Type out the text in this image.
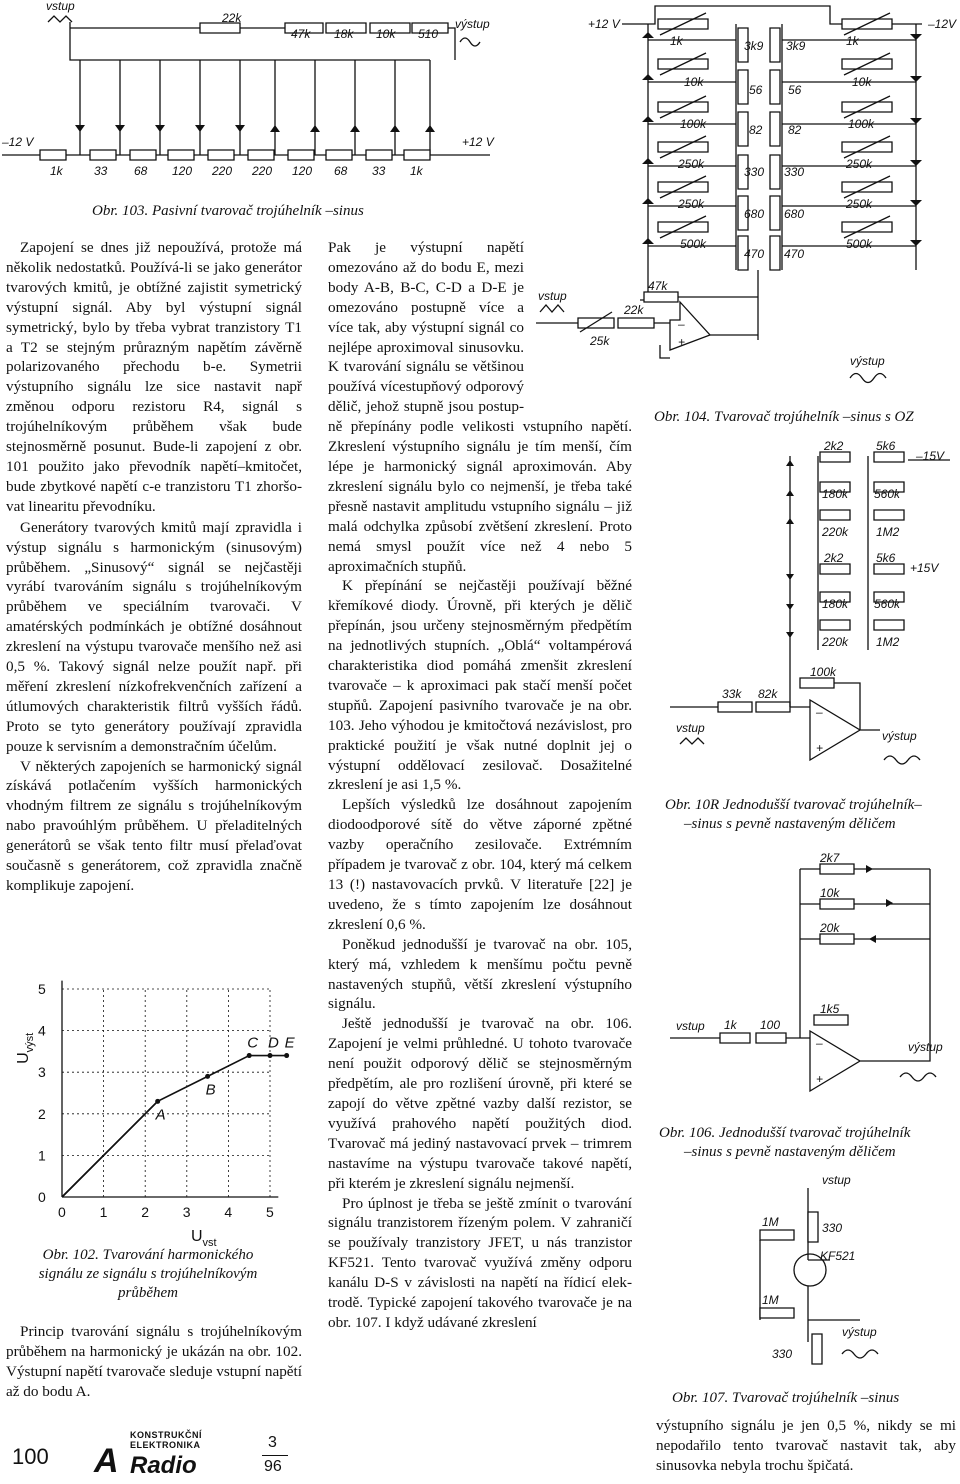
vstup
22k
47k 18k 10k 510
výstup
–12 V	+12 V
1k	33 68 120 220 220 120 68 33 1k
Obr. 103. Pasivní tvarovač trojúhelník –sinus
+12 V	–12V
1k
10k
100k
250k
250k
500k
1k
10k
100k
250k
250k
500k
3k9
56
82
330
680
470
3k9
56
82
330
680
470
47k
–
+
25k
22k
vstup
výstup
Obr. 104. Tvarovač trojúhelník –sinus s OZ
–15V
+15V
2k2	5k6
180k 560k
220k 1M2
2k2	5k6
180k 560k
220k 1M2
100k
33k 82k
–
+
vstup
výstup
Obr. 10R Jednodušší tvarovač trojúhelník–
–sinus s pevně nastaveným děličem
2k7
10k
20k
1k5
1k 100
–
+
vstup
výstup
Obr. 106. Jednodušší tvarovač trojúhelník
–sinus s pevně nastaveným děličem
vstup
1M	330
KF521
1M
330
výstup
Obr. 107. Tvarovač trojúhelník –sinus

Zapojení se dnes již nepoužívá, protože má několik nedostatků. Používá-li se jako generátor tvarových kmitů, je obtížné zajistit symetrický výstupní signál. Aby byl výstupní signál symetrický, bylo by třeba vybrat tranzistory T1 a T2 se stejným průrazným napětím závěrně polarizovaného přechodu b-e. Symetrii výstupního signálu lze sice nastavit např změnou odporu rezistoru R4, signál s trojúhelníkovým průběhem však bude stejnosměrně posunut. Bude-li zapojení z obr. 101 použito jako převodník napětí–kmitočet, bude zbytkové napětí c-e tranzistoru T1 zhoršovat linearitu převodníku.

Generátory tvarových kmitů mají zpravidla i výstup signálu s harmonickým (sinusovým) průběhem. „Sinusový“ signál se nejčastěji vyrábí tvarováním signálu s trojúhelníkovým průběhem ve speciálním tvarovači. V amatérských podmínkách je obtížné dosáhnout zkreslení na výstupu tvarovače menšího než asi 0,5 %. Takový signál nelze použít např. při měření zkreslení nízkofrekvenčních zařízení a útlumových charakteristik filtrů vyšších řádů. Proto se tyto generátory používají zpravidla pouze k servisním a demonstračním účelům.

V některých zapojeních se harmonický signál získává potlačením vyšších harmonických vhodným filtrem ze signálu s trojúhelníkovým nabo pravoúhlým průběhem. U přeladitelných generátorů se však tento filtr musí přelaďovat současně s generátorem, což zpravidla značně komplikuje zapojení.

0 1 2 3 4 5
0
1
2
3
4
5
A
B
C D E
$U_{vst}$
$U_{výst}$
Obr. 102. Tvarování harmonického
signálu ze signálu s trojúhelníkovým
průběhem

Princip tvarování signálu s trojúhelníkovým průběhem na harmonický je ukázán na obr. 102. Výstupní napětí tvarovače sleduje vstupní napětí až do bodu A.

Pak je výstupní napětí omezováno až do bodu E, mezi body A-B, B-C, C-D a D-E je omezováno postupně více a více tak, aby výstupní signál co nejlépe aproximoval sinusovku. K tvarování signálu se většinou používá vícestupňový odporový dělič, jehož stupně jsou postupně přepínány podle velikosti vstupního napětí. Zkreslení výstupního signálu je tím menší, čím lépe je harmonický signál aproximován. Aby zkreslení signálu bylo co nejmenší, je třeba také přesně nastavit amplitudu vstupního signálu – již malá odchylka způsobí zvětšení zkreslení. Proto nemá smysl použít více než 4 nebo 5 aproximačních stupňů.

K přepínání se nejčastěji používají běžné křemíkové diody. Úrovně, při kterých je dělič přepínán, jsou určeny stejnosměrným předpětím na jednotlivých stupních. „Oblá“ voltampérová charakteristika diod pomáhá zmenšit zkreslení tvarovače – k aproximaci pak stačí menší počet stupňů. Zapojení pasivního tvarovače je na obr. 103. Jeho výhodou je kmitočtová nezávislost, pro praktické použití je však nutné doplnit jej o výstupní oddělovací zesilovač. Dosažitelné zkreslení je asi 1,5 %.

Lepších výsledků lze dosáhnout zapojením diodoodporové sítě do větve záporné zpětné vazby operačního zesilovače. Extrémním případem je tvarovač z obr. 104, který má celkem 13 (!) nastavovacích prvků. V literatuře [22] je uvedeno, že s tímto zapojením lze dosáhnout zkreslení 0,6 %.

Poněkud jednodušší je tvarovač na obr. 105, který má, vzhledem k menšímu počtu pevně nastavených stupňů, větší zkreslení výstupního signálu.

Ještě jednodušší je tvarovač na obr. 106. Zapojení je velmi průhledné. U tohoto tvarovače není použit odporový dělič se stejnosměrným předpětím, ale pro rozlišení úrovně, při které se zapojí do větve zpětné vazby další rezistor, se využívá prahového napětí použitých diod. Tvarovač má jediný nastavovací prvek – trimrem nastavíme na výstupu tvarovače takové napětí, při kterém je zkreslení signálu nejmenší.

Pro úplnost je třeba se ještě zmínit o tvarování signálu tranzistorem řízeným polem. V zahraničí se používaly tranzistory JFET, u nás tranzistor KF521. Tento tvarovač využívá změny odporu kanálu D-S v závislosti na napětí na řídicí elektrodě. Typické zapojení takového tvarovače je na obr. 107. I když udávané zkreslení

výstupního signálu je jen 0,5 %, nikdy se mi nepodařilo tento tvarovač nastavit tak, aby sinusovka nebyla trochu špičatá.

100
KONSTRUKČNÍ
ELEKTRONIKA
A Radio
3
96
